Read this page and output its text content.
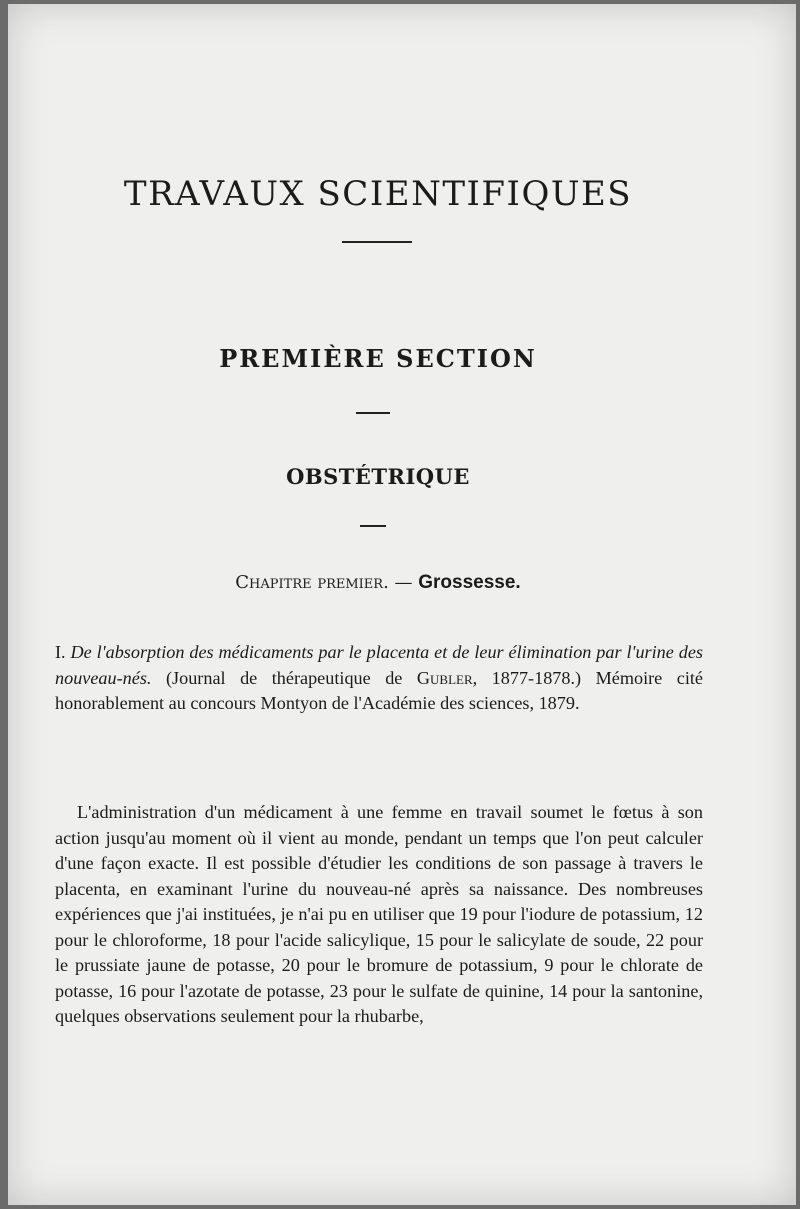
TRAVAUX SCIENTIFIQUES
PREMIÈRE SECTION
OBSTÉTRIQUE

Chapitre premier. — Grossesse.

I. De l'absorption des médicaments par le placenta et de leur élimination par l'urine des nouveau-nés. (Journal de thérapeutique de Gubler, 1877-1878.) Mémoire cité honorablement au concours Montyon de l'Académie des sciences, 1879.

L'administration d'un médicament à une femme en travail soumet le fœtus à son action jusqu'au moment où il vient au monde, pendant un temps que l'on peut calculer d'une façon exacte. Il est possible d'étudier les conditions de son passage à travers le placenta, en examinant l'urine du nouveau-né après sa naissance. Des nombreuses expériences que j'ai instituées, je n'ai pu en utiliser que 19 pour l'iodure de potassium, 12 pour le chloroforme, 18 pour l'acide salicylique, 15 pour le salicylate de soude, 22 pour le prussiate jaune de potasse, 20 pour le bromure de potassium, 9 pour le chlorate de potasse, 16 pour l'azotate de potasse, 23 pour le sulfate de quinine, 14 pour la santonine, quelques observations seulement pour la rhubarbe,
